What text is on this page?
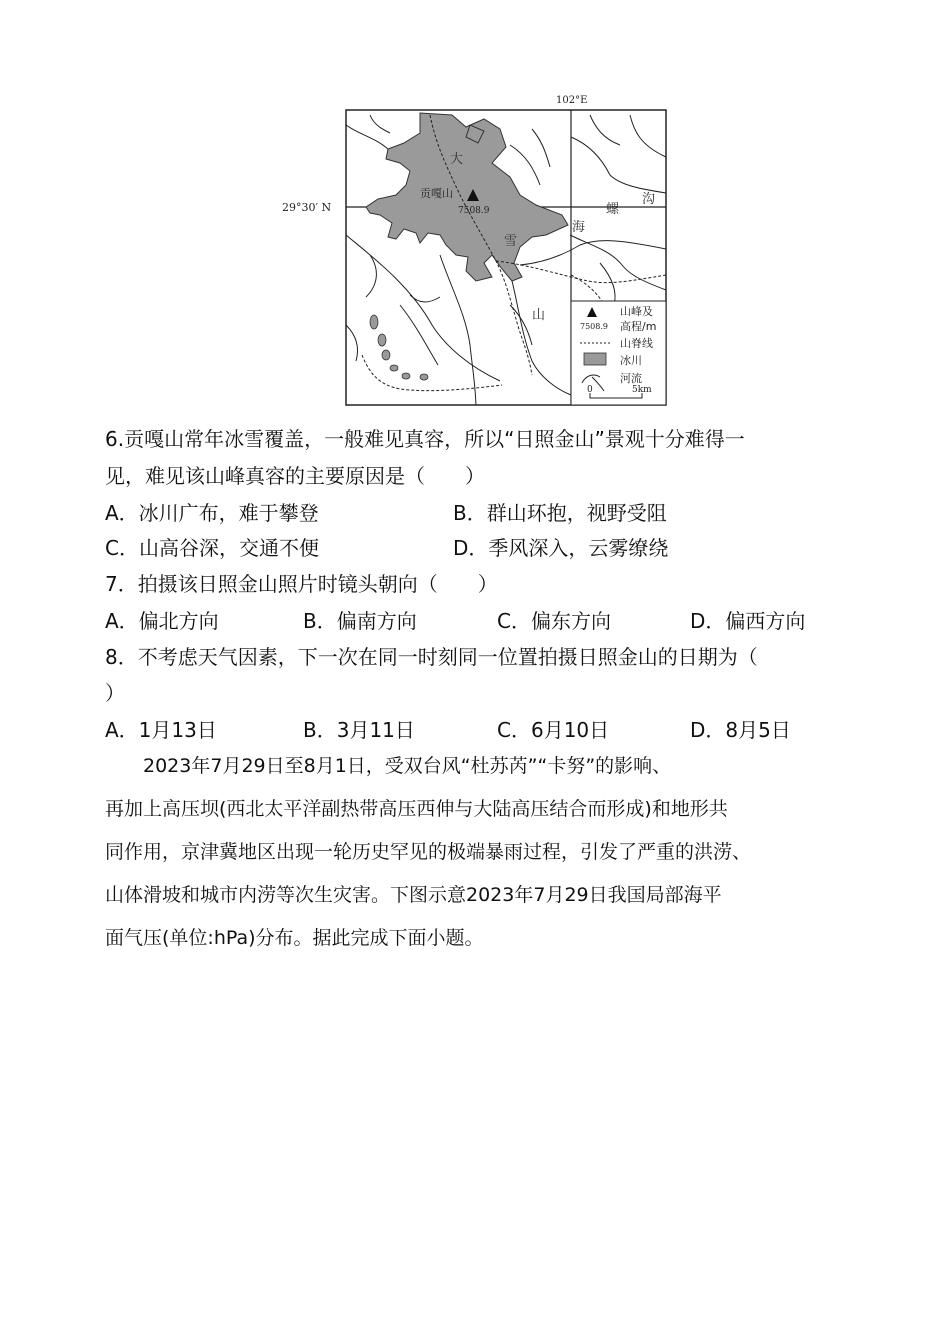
102°E
29°30′ N
贡嘎山
7508.9
大
雪
山
海
螺
沟
7508.9
山峰及
高程/m
山脊线
冰川
河流
0	5km
6.贡嘎山常年冰雪覆盖，一般难见真容，所以“日照金山”景观十分难得一
见，难见该山峰真容的主要原因是（　　）
A．冰川广布，难于攀登	B．群山环抱，视野受阻
C．山高谷深，交通不便	D．季风深入，云雾缭绕
7．拍摄该日照金山照片时镜头朝向（　　）
A．偏北方向	B．偏南方向	C．偏东方向	D．偏西方向
8．不考虑天气因素，下一次在同一时刻同一位置拍摄日照金山的日期为（
）
A．1月13日	B．3月11日	C．6月10日	D．8月5日
　　2023年7月29日至8月1日，受双台风“杜苏芮”“卡努”的影响、
再加上高压坝(西北太平洋副热带高压西伸与大陆高压结合而形成)和地形共
同作用，京津冀地区出现一轮历史罕见的极端暴雨过程，引发了严重的洪涝、
山体滑坡和城市内涝等次生灾害。下图示意2023年7月29日我国局部海平
面气压(单位:hPa)分布。据此完成下面小题。
